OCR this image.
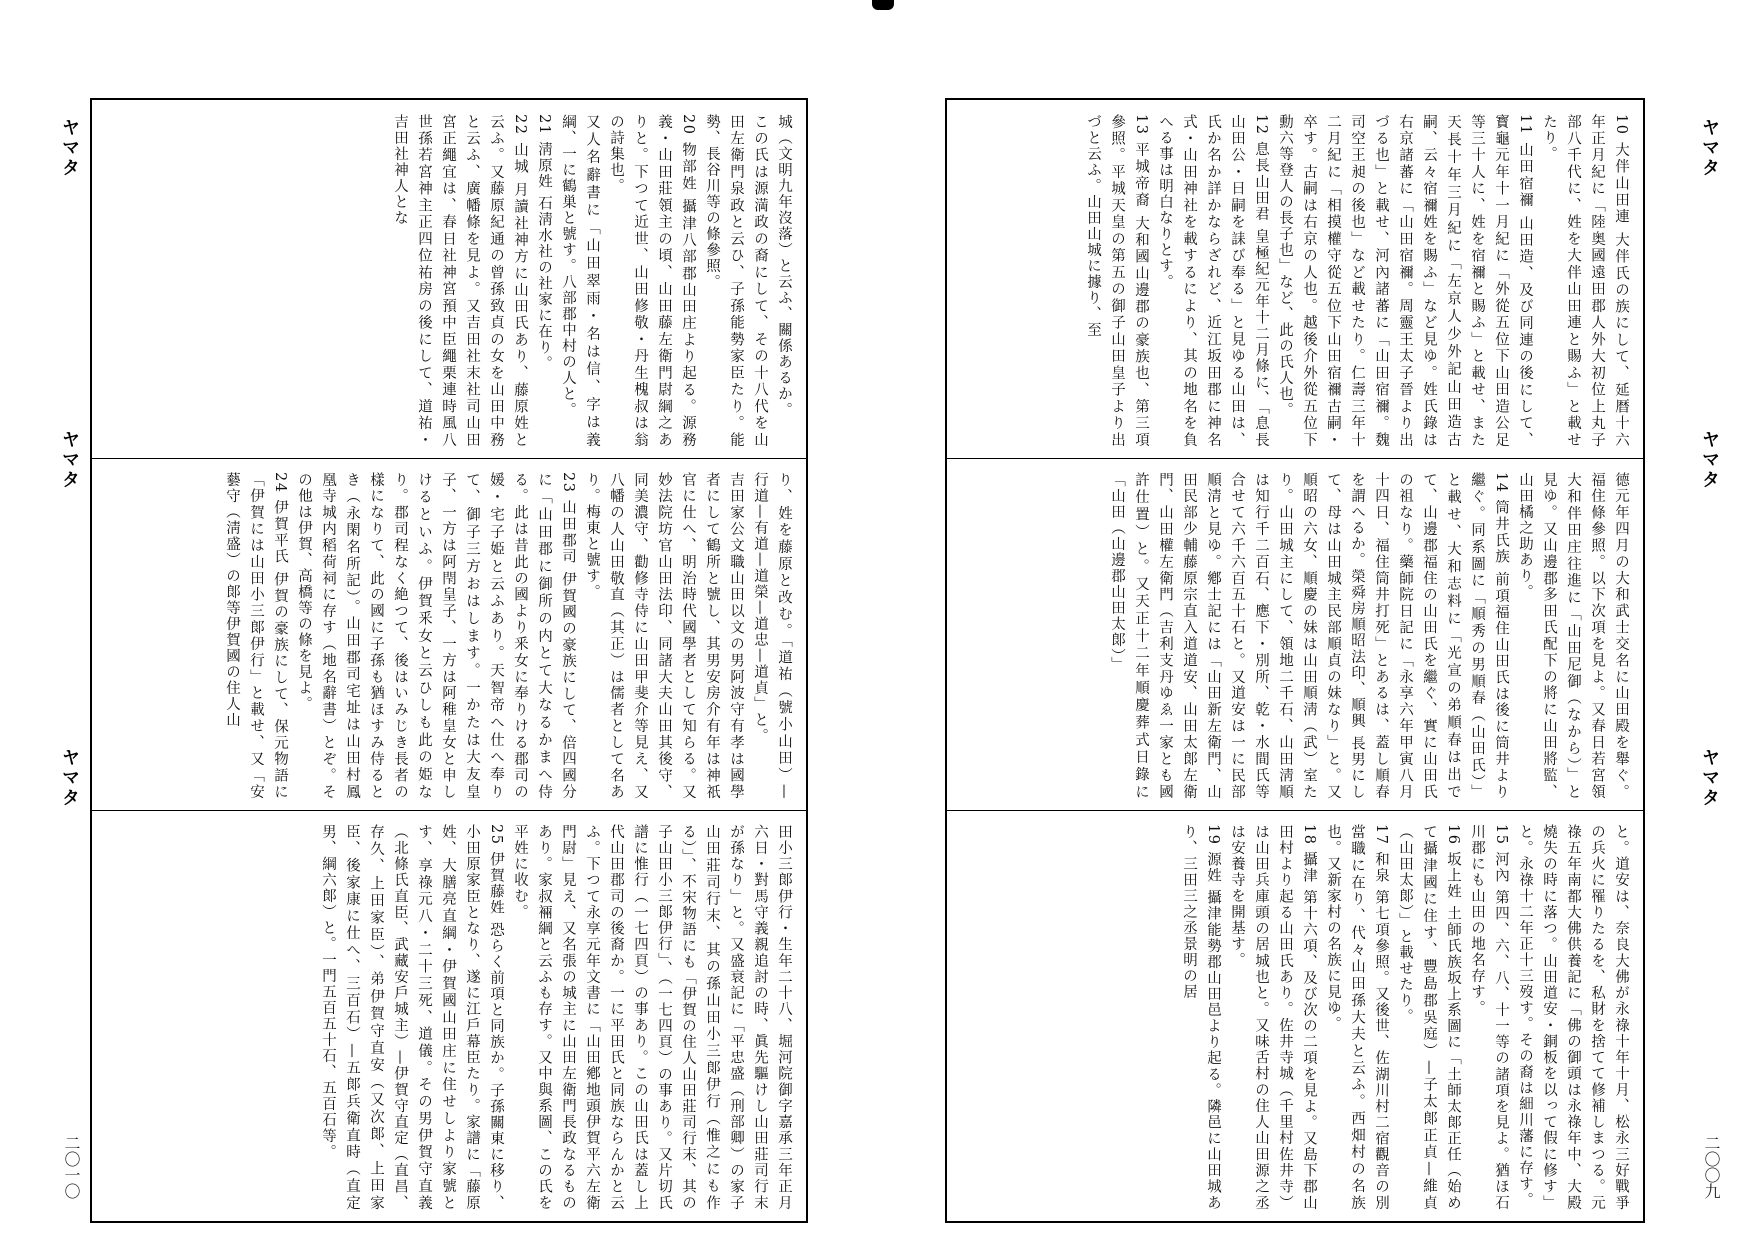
ヤマタ
ヤマタ
ヤマタ
ヤマタ
ヤマタ
ヤマタ
二〇一〇	二〇〇九

城（文明九年沒落）と云ふ、關係あるか。

この氏は源満政の裔にして、その十八代を山田左衛門泉政と云ひ、子孫能勢家臣たり。能勢、長谷川等の條參照。

20 物部姓 攝津八部郡山田庄より起る。源務義・山田莊領主の頃、山田藤左衛門尉綱之ありと。下つて近世、山田修敬・丹生槐叔は翁の詩集也。

又人名辭書に「山田翠雨・名は信、字は義綱、一に鶴巣と號す。八部郡中村の人と。

21 淸原姓 石淸水社の社家に在り。

22 山城 月讀社神方に山田氏あり、藤原姓と云ふ。又藤原紀通の曾孫致貞の女を山田中務と云ふ、廣幡條を見よ。又吉田社末社司山田宮正繩宜は、春日社神宮預中臣繩栗連時風八世孫若宮神主正四位祐房の後にして、道祐・吉田社神人とな

り、姓を藤原と改む。「道祐（號小山田）—行道—有道—道榮—道忠—道貞」と。

吉田家公文職山田以文の男阿波守有孝は國學者にして鶴所と號し、其男安房介有年は神祇官に仕へ、明治時代國學者として知らる。又妙法院坊官山田法印、同諸大夫山田其後守、同美濃守、勸修寺侍に山田甲斐介等見え、又八幡の人山田敬直（其正）は儒者として名あり。梅東と號す。

23 山田郡司 伊賀國の豪族にして、倍四國分に「山田郡に御所の内とて大なるかまへ侍る。此は昔此の國より釆女に奉りける郡司の媛・宅子姫と云ふあり。天智帝へ仕へ奉りて、御子三方おはします。一かたは大友皇子、一方は阿閇皇子、一方は阿稚皇女と申しけるといふ。伊賀釆女と云ひしも此の姫なり。郡司程なく絶つて、後はいみじき長者の樣になりて、此の國に子孫も猶ほすみ侍るとき（永閑名所記）。山田郡司宅址は山田村鳳凰寺城内稻荷祠に存す（地名辭書）とぞ。その他は伊賀、高橋等の條を見よ。

24 伊賀平氏 伊賀の豪族にして、保元物語に「伊賀には山田小三郞伊行」と載せ、又「安藝守（淸盛）の郞等伊賀國の住人山

田小三郞伊行・生年二十八、堀河院御字嘉承三年正月六日・對馬守義親追討の時、眞先驅けし山田莊司行末が孫なり」と。又盛衰記に「平忠盛（刑部卿）の家子山田莊司行末、其の孫山田小三郞伊行（惟之にも作る）」、不宋物語にも「伊賀の住人山田莊司行末、其の子山田小三郞伊行」、（一七四頁）の事あり。又片切氏譜に惟行（一七四頁）の事あり。この山田氏は蓋し上代山田郡司の後裔か。一に平田氏と同族ならんかと云ふ。下つて永享元年文書に「山田鄕地頭伊賀平六左衛門尉」見え、又名張の城主に山田左衛門長政なるものあり。家叔裲綱と云ふも存す。又中與系圖、この氏を平姓に收む。

25 伊賀藤姓 恐らく前項と同族か。子孫關東に移り、小田原家臣となり、遂に江戶幕臣たり。家譜に「藤原姓、大膳亮直綱・伊賀國山田庄に住せしより家號とす、享祿元八・二十三死、道儀。その男伊賀守直義（北條氏直臣、武藏安戶城主）—伊賀守直定（直昌、存久、上田家臣）、弟伊賀守直安（又次郞、上田家臣、後家康に仕へ、三百石）—五郞兵衛直時（直定男、綱六郞）と。一門五百五十石、五百石等。

10 大伴山田連 大伴氏の族にして、延暦十六年正月紀に「陸奥國遠田郡人外大初位上丸子部八千代に、姓を大伴山田連と賜ふ」と載せたり。

11 山田宿禰 山田造、及び同連の後にして、寳龜元年十一月紀に「外從五位下山田造公足等三十人に、姓を宿禰と賜ふ」と載せ、また天長十年三月紀に「左京人少外記山田造古嗣、云々宿禰姓を賜ふ」など見ゆ。姓氏錄は右京諸蕃に「山田宿禰。周靈王太子晉より出づる也」と載せ、河內諸蕃に「山田宿禰。魏司空王昶の後也」など載せたり。仁壽三年十二月紀に「相摸權守從五位下山田宿禰古嗣・卒す。古嗣は右京の人也。越後介外從五位下勳六等登人の長子也」など、此の氏人也。

12 息長山田君 皇極紀元年十二月條に、「息長山田公・日嗣を誄び奉る」と見ゆる山田は、氏か名か詳かならざれど、近江坂田郡に神名式・山田神社を載するにより、其の地名を負へる事は明白なりとす。

13 平城帝裔 大和國山邊郡の豪族也、第三項參照。平城天皇の第五の御子山田皇子より出づと云ふ。山田山城に據り、至

德元年四月の大和武士交名に山田殿を舉ぐ。福住條參照。以下次項を見よ。又春日若宮領大和伴田庄往進に「山田尼御（なから）」と見ゆ。又山邊郡多田氏配下の將に山田將監、山田橘之助あり。

14 筒井氏族 前項福住山田氏は後に筒井より繼ぐ。同系圖に「順秀の男順春（山田氏）」と載せ、大和志料に「光宣の弟順春は出でて、山邊郡福住の山田氏を繼ぐ、實に山田氏の祖なり。藥師院日記に「永享六年甲寅八月十四日、福住筒井打死」とあるは、蓋し順春を謂へるか。榮舜房順昭法印、順興 長男にして、母は山田城主民部順貞の妹なり」と。又順昭の六女、順慶の妹は山田順淸（武）室たり。山田城主にして、領地二千石、山田淸順は知行千二百石、應下・別所、乾・水間氏等合せて六千六百五十石と。又道安は一に民部順清と見ゆ。鄕士記には「山田新左衛門、山田民部少輔藤原宗直入道道安、山田太郞左衛門、山田權左衛門（吉利支丹ゆゑ一家とも國許仕置）と。又天正十二年順慶葬式日錄に「山田（山邊郡山田太郞）」

と。道安は、奈良大佛が永祿十年十月、松永三好戰爭の兵火に罹りたるを、私財を捨てて修補しまつる。元祿五年南都大佛供養記に「佛の御頭は永祿年中、大殿燒失の時に落つ。山田道安・銅板を以って假に修す」と。永祿十二年正十三歿す。その裔は細川藩に存す。

15 河內 第四、六、八、十一等の諸項を見よ。猶ほ石川郡にも山田の地名存す。

16 坂上姓 土師氏族坂上系圖に「土師太郞正任（始めて攝津國に住す、豐島郡吳庭）—子太郞正貞—維貞（山田太郞）」と載せたり。

17 和泉 第七項參照。又後世、佐湖川村二宿觀音の別當職に在り、代々山田孫大夫と云ふ。西畑村の名族也。又新家村の名族に見ゆ。

18 攝津 第十六項、及び次の二項を見よ。又島下郡山田村より起る山田氏あり。佐井寺城（千里村佐井寺）は山田兵庫頭の居城也と。又味舌村の住人山田源之丞は安養寺を開基す。

19 源姓 攝津能勢郡山田邑より起る。隣邑に山田城あり、三田三之丞景明の居
